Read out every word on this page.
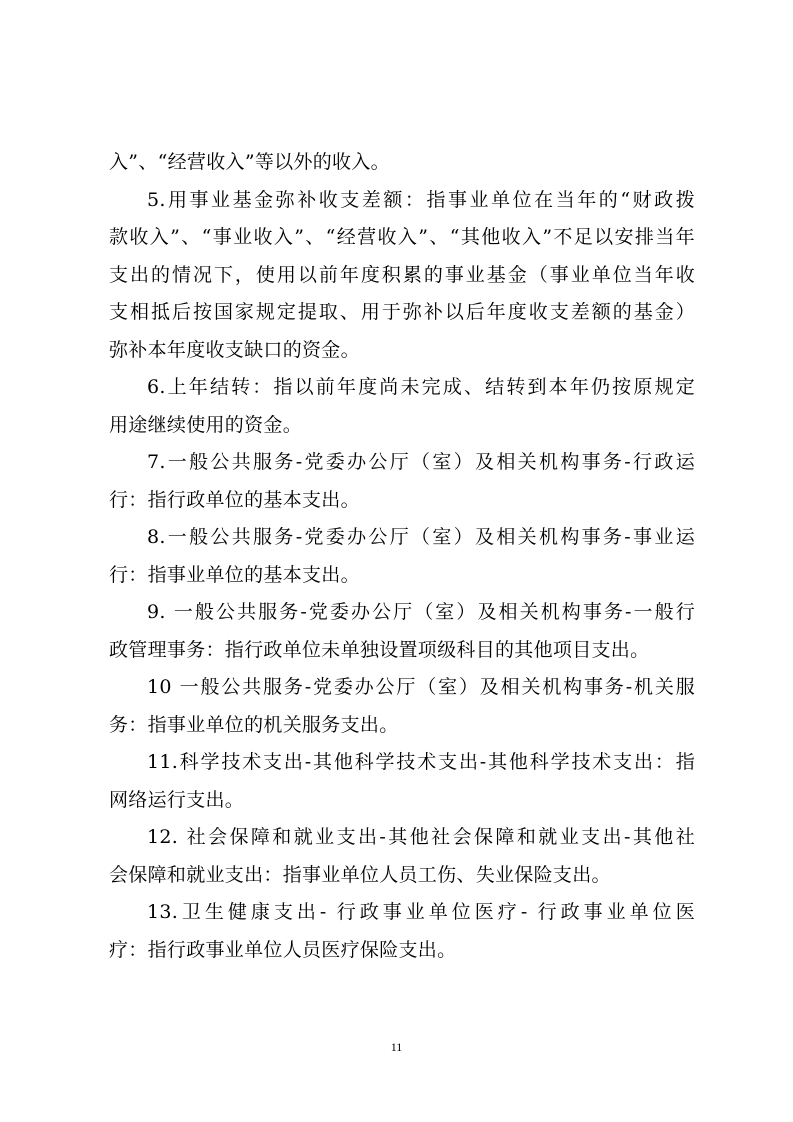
入”、“经营收入”等以外的收入。
5.用事业基金弥补收支差额：指事业单位在当年的“财政拨
款收入”、“事业收入”、“经营收入”、“其他收入”不足以安排当年
支出的情况下，使用以前年度积累的事业基金（事业单位当年收
支相抵后按国家规定提取、用于弥补以后年度收支差额的基金）
弥补本年度收支缺口的资金。
6.上年结转：指以前年度尚未完成、结转到本年仍按原规定
用途继续使用的资金。
7.一般公共服务-党委办公厅（室）及相关机构事务-行政运
行：指行政单位的基本支出。
8.一般公共服务-党委办公厅（室）及相关机构事务-事业运
行：指事业单位的基本支出。
9. 一般公共服务-党委办公厅（室）及相关机构事务-一般行
政管理事务：指行政单位未单独设置项级科目的其他项目支出。
10 一般公共服务-党委办公厅（室）及相关机构事务-机关服
务：指事业单位的机关服务支出。
11.科学技术支出-其他科学技术支出-其他科学技术支出：指
网络运行支出。
12. 社会保障和就业支出-其他社会保障和就业支出-其他社
会保障和就业支出：指事业单位人员工伤、失业保险支出。
13.卫生健康支出- 行政事业单位医疗- 行政事业单位医
疗：指行政事业单位人员医疗保险支出。
11
